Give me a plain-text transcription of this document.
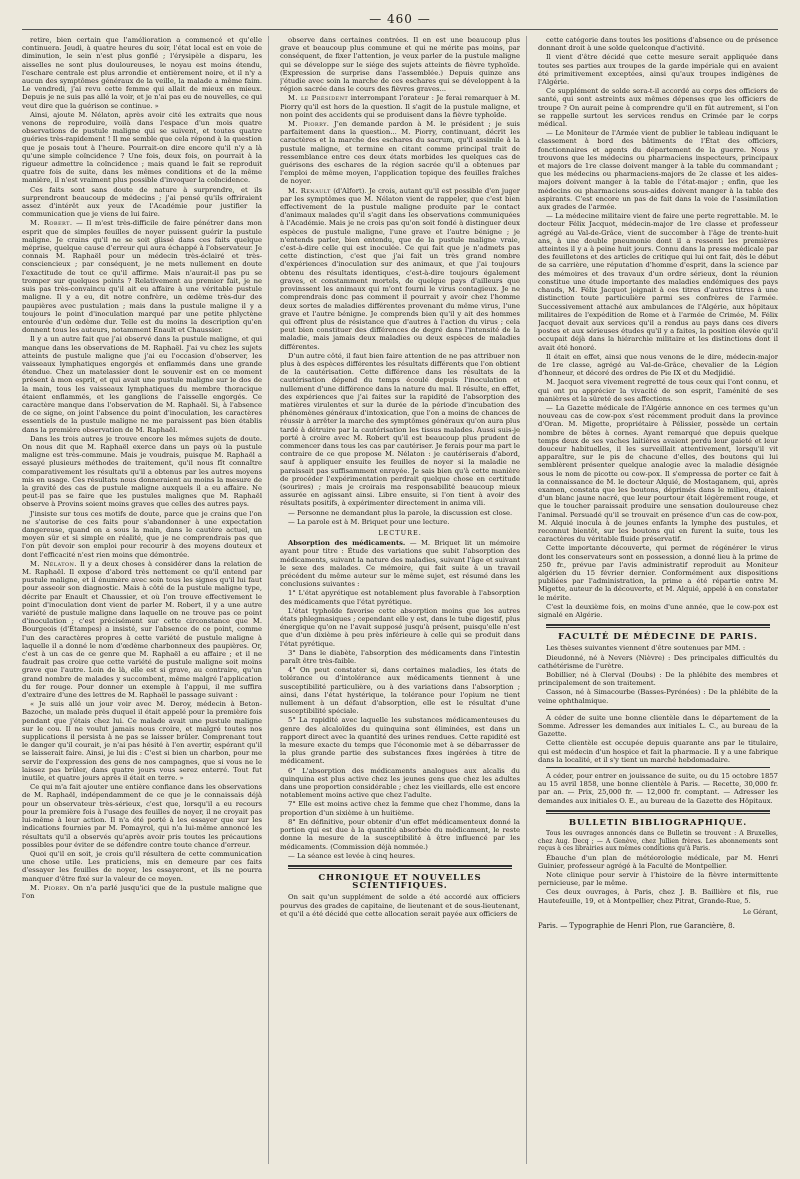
— 460 —

retire, bien certain que l'amélioration a commencé et qu'elle continuera. Jeudi, à quatre heures du soir, l'état local est en voie de diminution, le sein n'est plus gonflé ; l'érysipèle a disparu, les aisselles ne sont plus douloureuses, le noyau est moins étendu, l'eschare centrale est plus arrondie et entièrement noire, et il n'y a aucun des symptômes généraux de la veille, la malade a même faim. Le vendredi, j'ai revu cette femme qui allait de mieux en mieux. Depuis je ne suis pas allé la voir, et je n'ai pas eu de nouvelles, ce qui veut dire que la guérison se continue. »

Ainsi, ajoute M. Nélaton, après avoir cité les extraits que nous venons de reproduire, voilà dans l'espace d'un mois quatre observations de pustule maligne qui se suivent, et toutes quatre guéries très-rapidement ! Il me semble que cela répond à la question que je posais tout à l'heure. Pourrait-on dire encore qu'il n'y a là qu'une simple coïncidence ? Une fois, deux fois, on pourrait à la rigueur admettre la coïncidence ; mais quand le fait se reproduit quatre fois de suite, dans les mêmes conditions et de la même manière, il n'est vraiment plus possible d'invoquer la coïncidence.

Ces faits sont sans doute de nature à surprendre, et ils surprendront beaucoup de médecins ; j'ai pensé qu'ils offriraient assez d'intérêt aux yeux de l'Académie pour justifier la communication que je viens de lui faire.

M. Robert. — Il m'est très-difficile de faire pénétrer dans mon esprit que de simples feuilles de noyer puissent guérir la pustule maligne. Je crains qu'il ne se soit glissé dans ces faits quelque méprise, quelque cause d'erreur qui aura échappé à l'observateur. Je connais M. Raphaël pour un médecin très-éclairé et très-consciencieux ; par conséquent, je ne mets nullement en doute l'exactitude de tout ce qu'il affirme. Mais n'aurait-il pas pu se tromper sur quelques points ? Relativement au premier fait, je ne suis pas très-convaincu qu'il ait eu affaire à une véritable pustule maligne. Il y a eu, dit notre confrère, un œdème très-dur des paupières avec pustulation ; mais dans la pustule maligne il y a toujours le point d'inoculation marqué par une petite phlyctène entourée d'un œdème dur. Telle est du moins la description qu'en donnent tous les auteurs, notamment Enault et Chaussier.

Il y a un autre fait que j'ai observé dans la pustule maligne, et qui manque dans les observations de M. Raphaël. J'ai vu chez les sujets atteints de pustule maligne que j'ai eu l'occasion d'observer, les vaisseaux lymphatiques engorgés et enflammés dans une grande étendue. Chez un matelassier dont le souvenir est en ce moment présent à mon esprit, et qui avait une pustule maligne sur le dos de la main, tous les vaisseaux lymphatiques du membre thoracique étaient enflammés, et les ganglions de l'aisselle engorgés. Ce caractère manque dans l'observation de M. Raphaël. Si, à l'absence de ce signe, on joint l'absence du point d'inoculation, les caractères essentiels de la pustule maligne ne me paraissent pas bien établis dans la première observation de M. Raphaël.

Dans les trois autres je trouve encore les mêmes sujets de doute. On nous dit que M. Raphaël exerce dans un pays où la pustule maligne est très-commune. Mais je voudrais, puisque M. Raphaël a essayé plusieurs méthodes de traitement, qu'il nous fît connaître comparativement les résultats qu'il a obtenus par les autres moyens mis en usage. Ces résultats nous donneraient au moins la mesure de la gravité des cas de pustule maligne auxquels il a eu affaire. Ne peut-il pas se faire que les pustules malignes que M. Raphaël observe à Provins soient moins graves que celles des autres pays.

J'insiste sur tous ces motifs de doute, parce que je crains que l'on ne s'autorise de ces faits pour s'abandonner à une expectation dangereuse, quand on a sous la main, dans le cautère actuel, un moyen sûr et si simple en réalité, que je ne comprendrais pas que l'on pût devoir son emploi pour recourir à des moyens douteux et dont l'efficacité n'est rien moins que démontrée.

M. Nélaton. Il y a deux choses à considérer dans la relation de M. Raphaël. Il expose d'abord très nettement ce qu'il entend par pustule maligne, et il énumère avec soin tous les signes qu'il lui faut pour asseoir son diagnostic. Mais à côté de la pustule maligne type, décrite par Enault et Chaussier, et où l'on trouve effectivement le point d'inoculation dont vient de parler M. Robert, il y a une autre variété de pustule maligne dans laquelle on ne trouve pas ce point d'inoculation ; c'est précisément sur cette circonstance que M. Bourgeois (d'Étampes) a insisté, sur l'absence de ce point, comme l'un des caractères propres à cette variété de pustule maligne à laquelle il a donné le nom d'œdème charbonneux des paupières. Or, c'est à un cas de ce genre que M. Raphaël a eu affaire ; et il ne faudrait pas croire que cette variété de pustule maligne soit moins grave que l'autre. Loin de là, elle est si grave, au contraire, qu'un grand nombre de malades y succombent, même malgré l'application du fer rouge. Pour donner un exemple à l'appui, il me suffira d'extraire d'une des lettres de M. Raphaël le passage suivant :

« Je suis allé un jour voir avec M. Deroy, médecin à Beton-Bazoche, un malade près duquel il était appelé pour la première fois pendant que j'étais chez lui. Ce malade avait une pustule maligne sur le cou. Il ne voulut jamais nous croire, et malgré toutes nos supplications il persista à ne pas se laisser brûler. Comprenant tout le danger qu'il courait, je n'ai pas hésité à l'en avertir, espérant qu'il se laisserait faire. Ainsi, je lui dis : C'est si bien un charbon, pour me servir de l'expression des gens de nos campagnes, que si vous ne le laissez pas brûler, dans quatre jours vous serez enterré. Tout fut inutile, et quatre jours après il était en terre. »

Ce qui m'a fait ajouter une entière confiance dans les observations de M. Raphaël, indépendamment de ce que je le connaissais déjà pour un observateur très-sérieux, c'est que, lorsqu'il a eu recours pour la première fois à l'usage des feuilles de noyer, il ne croyait pas lui-même à leur action. Il n'a été porté à les essayer que sur les indications fournies par M. Pomayrol, qui n'a lui-même annoncé les résultats qu'il a observés qu'après avoir pris toutes les précautions possibles pour éviter de se défendre contre toute chance d'erreur.

Quoi qu'il en soit, je crois qu'il résultera de cette communication une chose utile. Les praticiens, mis en demeure par ces faits d'essayer les feuilles de noyer, les essayeront, et ils ne pourra manquer d'être fixé sur la valeur de ce moyen.

M. Piorry. On n'a parlé jusqu'ici que de la pustule maligne que l'on

observe dans certaines contrées. Il en est une beaucoup plus grave et beaucoup plus commune et qui ne mérite pas moins, par conséquent, de fixer l'attention, je veux parler de la pustule maligne qui se développe sur le siége des sujets atteints de fièvre typhoïde. (Expression de surprise dans l'assemblée.) Depuis quinze ans j'étudie avec soin la marche de ces eschares qui se développent à la région sacrée dans le cours des fièvres graves...

M. le Président interrompant l'orateur : Je ferai remarquer à M. Piorry qu'il est hors de la question. Il s'agit de la pustule maligne, et non point des accidents qui se produisent dans la fièvre typhoïde.

M. Piorry. J'en demande pardon à M. le président ; je suis parfaitement dans la question... M. Piorry, continuant, décrit les caractères et la marche des eschares du sacrum, qu'il assimile à la pustule maligne, et termine en citant comme principal trait de ressemblance entre ces deux états morbides les quelques cas de guérisons des eschares de la région sacrée qu'il a obtenues par l'emploi de même moyen, l'application topique des feuilles fraîches de noyer.

M. Renault (d'Alfort). Je crois, autant qu'il est possible d'en juger par les symptômes que M. Nélaton vient de rappeler, que c'est bien effectivement de la pustule maligne produite par le contact d'animaux malades qu'il s'agit dans les observations communiquées à l'Académie. Mais je ne crois pas qu'on soit fondé à distinguer deux espèces de pustule maligne, l'une grave et l'autre bénigne ; je n'entends parler, bien entendu, que de la pustule maligne vraie, c'est-à-dire celle qui est inoculée. Ce qui fait que je n'admets pas cette distinction, c'est que j'ai fait un très grand nombre d'expériences d'inoculation sur des animaux, et que j'ai toujours obtenu des résultats identiques, c'est-à-dire toujours également graves, et constamment mortels, de quelque pays d'ailleurs que provinssent les animaux qui m'ont fourni le virus contagieux. Je ne comprendrais donc pas comment il pourrait y avoir chez l'homme deux sortes de maladies différentes provenant du même virus, l'une grave et l'autre bénigne. Je comprends bien qu'il y ait des hommes qui offrent plus de résistance que d'autres à l'action du virus ; cela peut bien constituer des différences de degré dans l'intensité de la maladie, mais jamais deux maladies ou deux espèces de maladies différentes.

D'un autre côté, il faut bien faire attention de ne pas attribuer non plus à des espèces différentes les résultats différents que l'on obtient de la cautérisation. Cette différence dans les résultats de la cautérisation dépend du temps écoulé depuis l'inoculation et nullement d'une différence dans la nature du mal. Il résulte, en effet, des expériences que j'ai faites sur la rapidité de l'absorption des matières virulentes et sur la durée de la période d'incubation des phénomènes généraux d'intoxication, que l'on a moins de chances de réussir à arrêter la marche des symptômes généraux qu'on aura plus tardé à détruire par la cautérisation les tissus malades. Aussi suis-je porté à croire avec M. Robert qu'il est beaucoup plus prudent de commencer dans tous les cas par cautériser. Je ferais pour ma part le contraire de ce que propose M. Nélaton : je cautériserais d'abord, sauf à appliquer ensuite les feuilles de noyer si la maladie ne paraissait pas suffisamment enrayée. Je sais bien qu'à cette manière de procéder l'expérimentation perdrait quelque chose en certitude (sourires) ; mais je croirais ma responsabilité beaucoup mieux assurée en agissant ainsi. Libre ensuite, si l'on tient à avoir des résultats positifs, à expérimenter directement in anima vili.

— Personne ne demandant plus la parole, la discussion est close.

— La parole est à M. Briquet pour une lecture.

LECTURE.

Absorption des médicaments. — M. Briquet lit un mémoire ayant pour titre : Étude des variations que subit l'absorption des médicaments, suivant la nature des maladies, suivant l'âge et suivant le sexe des malades. Ce mémoire, qui fait suite à un travail précédent du même auteur sur le même sujet, est résumé dans les conclusions suivantes :

1° L'état apyrétique est notablement plus favorable à l'absorption des médicaments que l'état pyrétique.

L'état typhoïde favorise cette absorption moins que les autres états phlegmasiques ; cependant elle y est, dans le tube digestif, plus énergique qu'on ne l'avait supposé jusqu'à présent, puisqu'elle n'est que d'un dixième à peu près inférieure à celle qui se produit dans l'état pyrétique.

3° Dans le diabète, l'absorption des médicaments dans l'intestin paraît être très-faible.

4° On peut constater si, dans certaines maladies, les états de tolérance ou d'intolérance aux médicaments tiennent à une susceptibilité particulière, ou à des variations dans l'absorption ; ainsi, dans l'état hystérique, la tolérance pour l'opium ne tient nullement à un défaut d'absorption, elle est le résultat d'une susceptibilité spéciale.

5° La rapidité avec laquelle les substances médicamenteuses du genre des alcaloïdes du quinquina sont éliminées, est dans un rapport direct avec la quantité des urines rendues. Cette rapidité est la mesure exacte du temps que l'économie met à se débarrasser de la plus grande partie des substances fixes ingérées à titre de médicament.

6° L'absorption des médicaments analogues aux alcalis du quinquina est plus active chez les jeunes gens que chez les adultes dans une proportion considérable ; chez les vieillards, elle est encore notablement moins active que chez l'adulte.

7° Elle est moins active chez la femme que chez l'homme, dans la proportion d'un sixième à un huitième.

8° En définitive, pour obtenir d'un effet médicamenteux donné la portion qui est due à la quantité absorbée du médicament, le reste donne la mesure de la susceptibilité à être influencé par les médicaments. (Commission déjà nommée.)

— La séance est levée à cinq heures.

CHRONIQUE ET NOUVELLES SCIENTIFIQUES.

On sait qu'un supplément de solde a été accordé aux officiers pourvus des grades de capitaine, de lieutenant et de sous-lieutenant, et qu'il a été décidé que cette allocation serait payée aux officiers de

cette catégorie dans toutes les positions d'absence ou de présence donnant droit à une solde quelconque d'activité.

Il vient d'être décidé que cette mesure serait appliquée dans toutes ses parties aux troupes de la garde impériale qui en avaient été primitivement exceptées, ainsi qu'aux troupes indigènes de l'Algérie.

Ce supplément de solde sera-t-il accordé au corps des officiers de santé, qui sont astreints aux mêmes dépenses que les officiers de troupe ? On aurait peine à comprendre qu'il en fût autrement, si l'on se rappelle surtout les services rendus en Crimée par le corps médical.

— Le Moniteur de l'Armée vient de publier le tableau indiquant le classement à bord des bâtiments de l'État des officiers, fonctionnaires et agents du département de la guerre. Nous y trouvons que les médecins ou pharmaciens inspecteurs, principaux et majors de 1re classe doivent manger à la table du commandant ; que les médecins ou pharmaciens-majors de 2e classe et les aides-majors doivent manger à la table de l'état-major ; enfin, que les médecins ou pharmaciens sous-aides doivent manger à la table des aspirants. C'est encore un pas de fait dans la voie de l'assimilation aux grades de l'armée.

— La médecine militaire vient de faire une perte regrettable. M. le docteur Félix Jacquot, médecin-major de 1re classe et professeur agrégé au Val-de-Grâce, vient de succomber à l'âge de trente-huit ans, à une double pneumonie dont il a ressenti les premières atteintes il y a à peine huit jours. Connu dans la presse médicale par des feuilletons et des articles de critique qui lui ont fait, dès le début de sa carrière, une réputation d'homme d'esprit, dans la science par des mémoires et des travaux d'un ordre sérieux, dont la réunion constitue une étude importante des maladies endémiques des pays chauds, M. Félix Jacquot joignait à ces titres d'autres titres à une distinction toute particulière parmi ses confrères de l'armée. Successivement attaché aux ambulances de l'Algérie, aux hôpitaux militaires de l'expédition de Rome et à l'armée de Crimée, M. Félix Jacquot devait aux services qu'il a rendus au pays dans ces divers postes et aux sérieuses études qu'il y a faites, la position élevée qu'il occupait déjà dans la hiérarchie militaire et les distinctions dont il avait été honoré.

Il était en effet, ainsi que nous venons de le dire, médecin-major de 1re classe, agrégé au Val-de-Grâce, chevalier de la Légion d'honneur, et décoré des ordres de Pie IX et du Medjidié.

M. Jacquot sera vivement regretté de tous ceux qui l'ont connu, et qui ont pu apprécier la vivacité de son esprit, l'aménité de ses manières et la sûreté de ses affections.

— La Gazette médicale de l'Algérie annonce en ces termes qu'un nouveau cas de cow-pox s'est récemment produit dans la province d'Oran. M. Migette, propriétaire à Pélissier, possède un certain nombre de bêtes à cornes. Ayant remarqué que depuis quelque temps deux de ses vaches laitières avaient perdu leur gaieté et leur douceur habituelles, il les surveillait attentivement, lorsqu'il vit apparaître, sur le pis de chacune d'elles, des boutons qui lui semblèrent présenter quelque analogie avec la maladie désignée sous le nom de picotte ou cow-pox. Il s'empressa de porter ce fait à la connaissance de M. le docteur Alquié, de Mostaganem, qui, après examen, constata que les boutons, déprimés dans le milieu, étaient d'un blanc jaune nacré, que leur pourtour était légèrement rouge, et que le toucher paraissait produire une sensation douloureuse chez l'animal. Persuadé qu'il se trouvait en présence d'un cas de cow-pox, M. Alquié inocula à de jeunes enfants la lymphe des pustules, et reconnut bientôt, sur les boutons qui en furent la suite, tous les caractères du véritable fluide préservatif.

Cette importante découverte, qui permet de régénérer le virus dont les conservateurs sont en possession, a donné lieu à la prime de 250 fr., prévue par l'avis administratif reproduit au Moniteur algérien du 15 février dernier. Conformément aux dispositions publiées par l'administration, la prime a été répartie entre M. Migette, auteur de la découverte, et M. Alquié, appelé à en constater le mérite.

C'est la deuxième fois, en moins d'une année, que le cow-pox est signalé en Algérie.

FACULTÉ DE MÉDECINE DE PARIS.

Les thèses suivantes viennent d'être soutenues par MM. :

Dieudonné, né à Nevers (Nièvre) : Des principales difficultés du cathétérisme de l'urètre.

Bobillier, né à Clerval (Doubs) : De la phlébite des membres et principalement de son traitement.

Casson, né à Simacourbe (Basses-Pyrénées) : De la phlébite de la veine ophthalmique.

A céder de suite une bonne clientèle dans le département de la Somme. Adresser les demandes aux initiales L. C., au bureau de la Gazette.

Cette clientèle est occupée depuis quarante ans par le titulaire, qui est médecin d'un hospice et fait la pharmacie. Il y a une fabrique dans la localité, et il s'y tient un marché hebdomadaire.

A céder, pour entrer en jouissance de suite, ou du 15 octobre 1857 au 15 avril 1858, une bonne clientèle à Paris. — Recette, 30,000 fr. par an. — Prix, 25,000 fr. — 12,000 fr. comptant. — Adresser les demandes aux initiales O. E., au bureau de la Gazette des Hôpitaux.

BULLETIN BIBLIOGRAPHIQUE.

Tous les ouvrages annoncés dans ce Bulletin se trouvent : A Bruxelles, chez Aug. Decq ; — A Genève, chez Jullien frères. Les abonnements sont reçus à ces librairies aux mêmes conditions qu'à Paris.

Ébauche d'un plan de météorologie médicale, par M. Henri Guinier, professeur agrégé à la Faculté de Montpellier.

Note clinique pour servir à l'histoire de la fièvre intermittente pernicieuse, par le même.

Ces deux ouvrages, à Paris, chez J. B. Baillière et fils, rue Hautefeuille, 19, et à Montpellier, chez Pitrat, Grande-Rue, 5.

Le Gérant,
Paris. — Typographie de Henri Plon, rue Garancière, 8.
